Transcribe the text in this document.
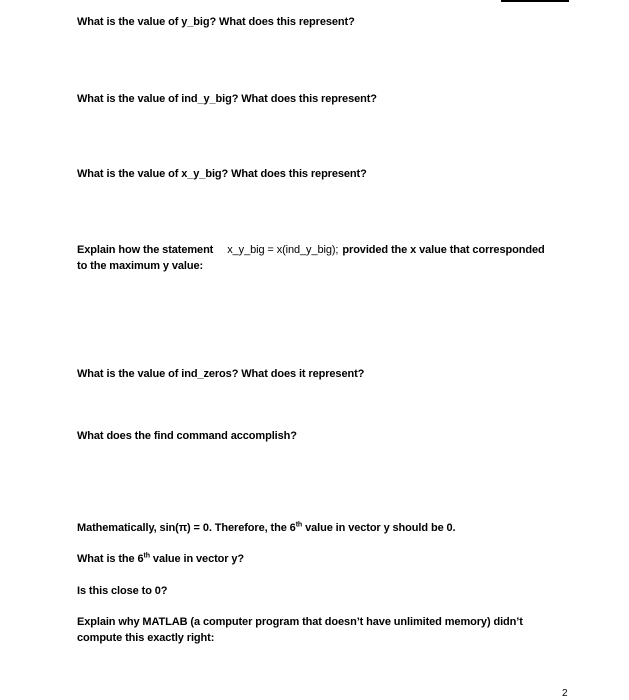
What is the value of y_big? What does this represent?
What is the value of ind_y_big? What does this represent?
What is the value of x_y_big? What does this represent?
Explain how the statement x_y_big = x(ind_y_big); provided the x value that corresponded to the maximum y value:
What is the value of ind_zeros? What does it represent?
What does the find command accomplish?
Mathematically, sin(π) = 0. Therefore, the 6th value in vector y should be 0.
What is the 6th value in vector y?
Is this close to 0?
Explain why MATLAB (a computer program that doesn’t have unlimited memory) didn’t compute this exactly right:
2
